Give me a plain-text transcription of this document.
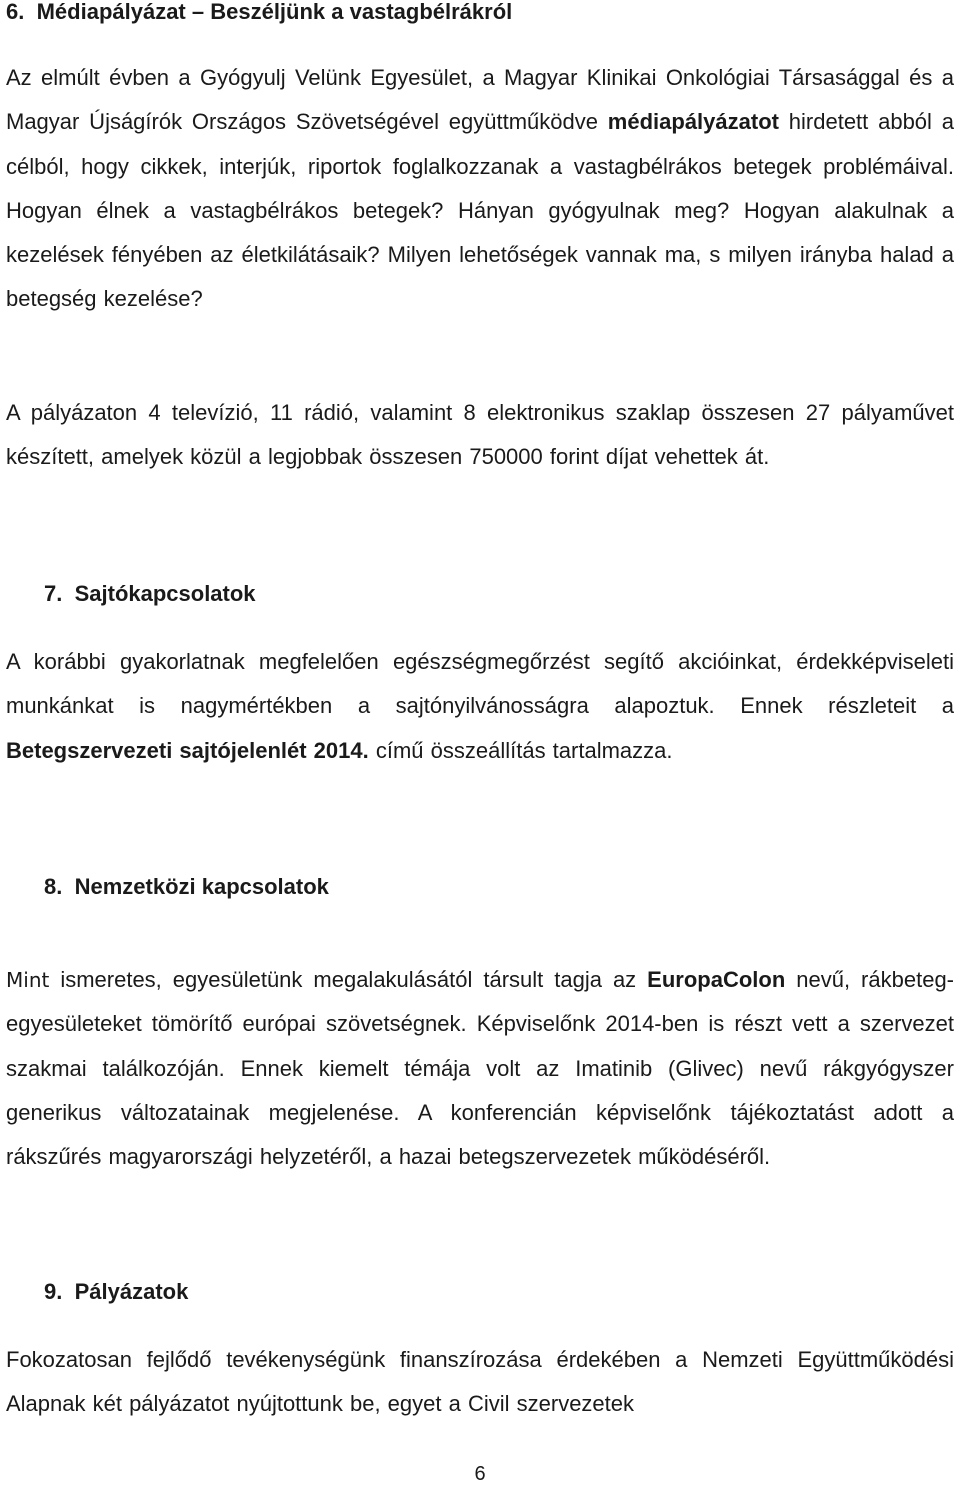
6. Médiapályázat – Beszéljünk a vastagbélrákról

Az elmúlt évben a Gyógyulj Velünk Egyesület, a Magyar Klinikai Onkológiai Társasággal és a Magyar Újságírók Országos Szövetségével együttműködve médiapályázatot hirdetett abból a célból, hogy cikkek, interjúk, riportok foglalkozzanak a vastagbélrákos betegek problémáival. Hogyan élnek a vastagbélrákos betegek? Hányan gyógyulnak meg? Hogyan alakulnak a kezelések fényében az életkilátásaik? Milyen lehetőségek vannak ma, s milyen irányba halad a betegség kezelése?

A pályázaton 4 televízió, 11 rádió, valamint 8 elektronikus szaklap összesen 27 pályaművet készített, amelyek közül a legjobbak összesen 750000 forint díjat vehettek át.

7. Sajtókapcsolatok

A korábbi gyakorlatnak megfelelően egészségmegőrzést segítő akcióinkat, érdekképviseleti munkánkat is nagymértékben a sajtónyilvánosságra alapoztuk. Ennek részleteit a Betegszervezeti sajtójelenlét 2014. című összeállítás tartalmazza.

8. Nemzetközi kapcsolatok

Mint ismeretes, egyesületünk megalakulásától társult tagja az EuropaColon nevű, rákbeteg-egyesületeket tömörítő európai szövetségnek. Képviselőnk 2014-ben is részt vett a szervezet szakmai találkozóján. Ennek kiemelt témája volt az Imatinib (Glivec) nevű rákgyógyszer generikus változatainak megjelenése. A konferencián képviselőnk tájékoztatást adott a rákszűrés magyarországi helyzetéről, a hazai betegszervezetek működéséről.

9. Pályázatok

Fokozatosan fejlődő tevékenységünk finanszírozása érdekében a Nemzeti Együttműködési Alapnak két pályázatot nyújtottunk be, egyet a Civil szervezetek

6
